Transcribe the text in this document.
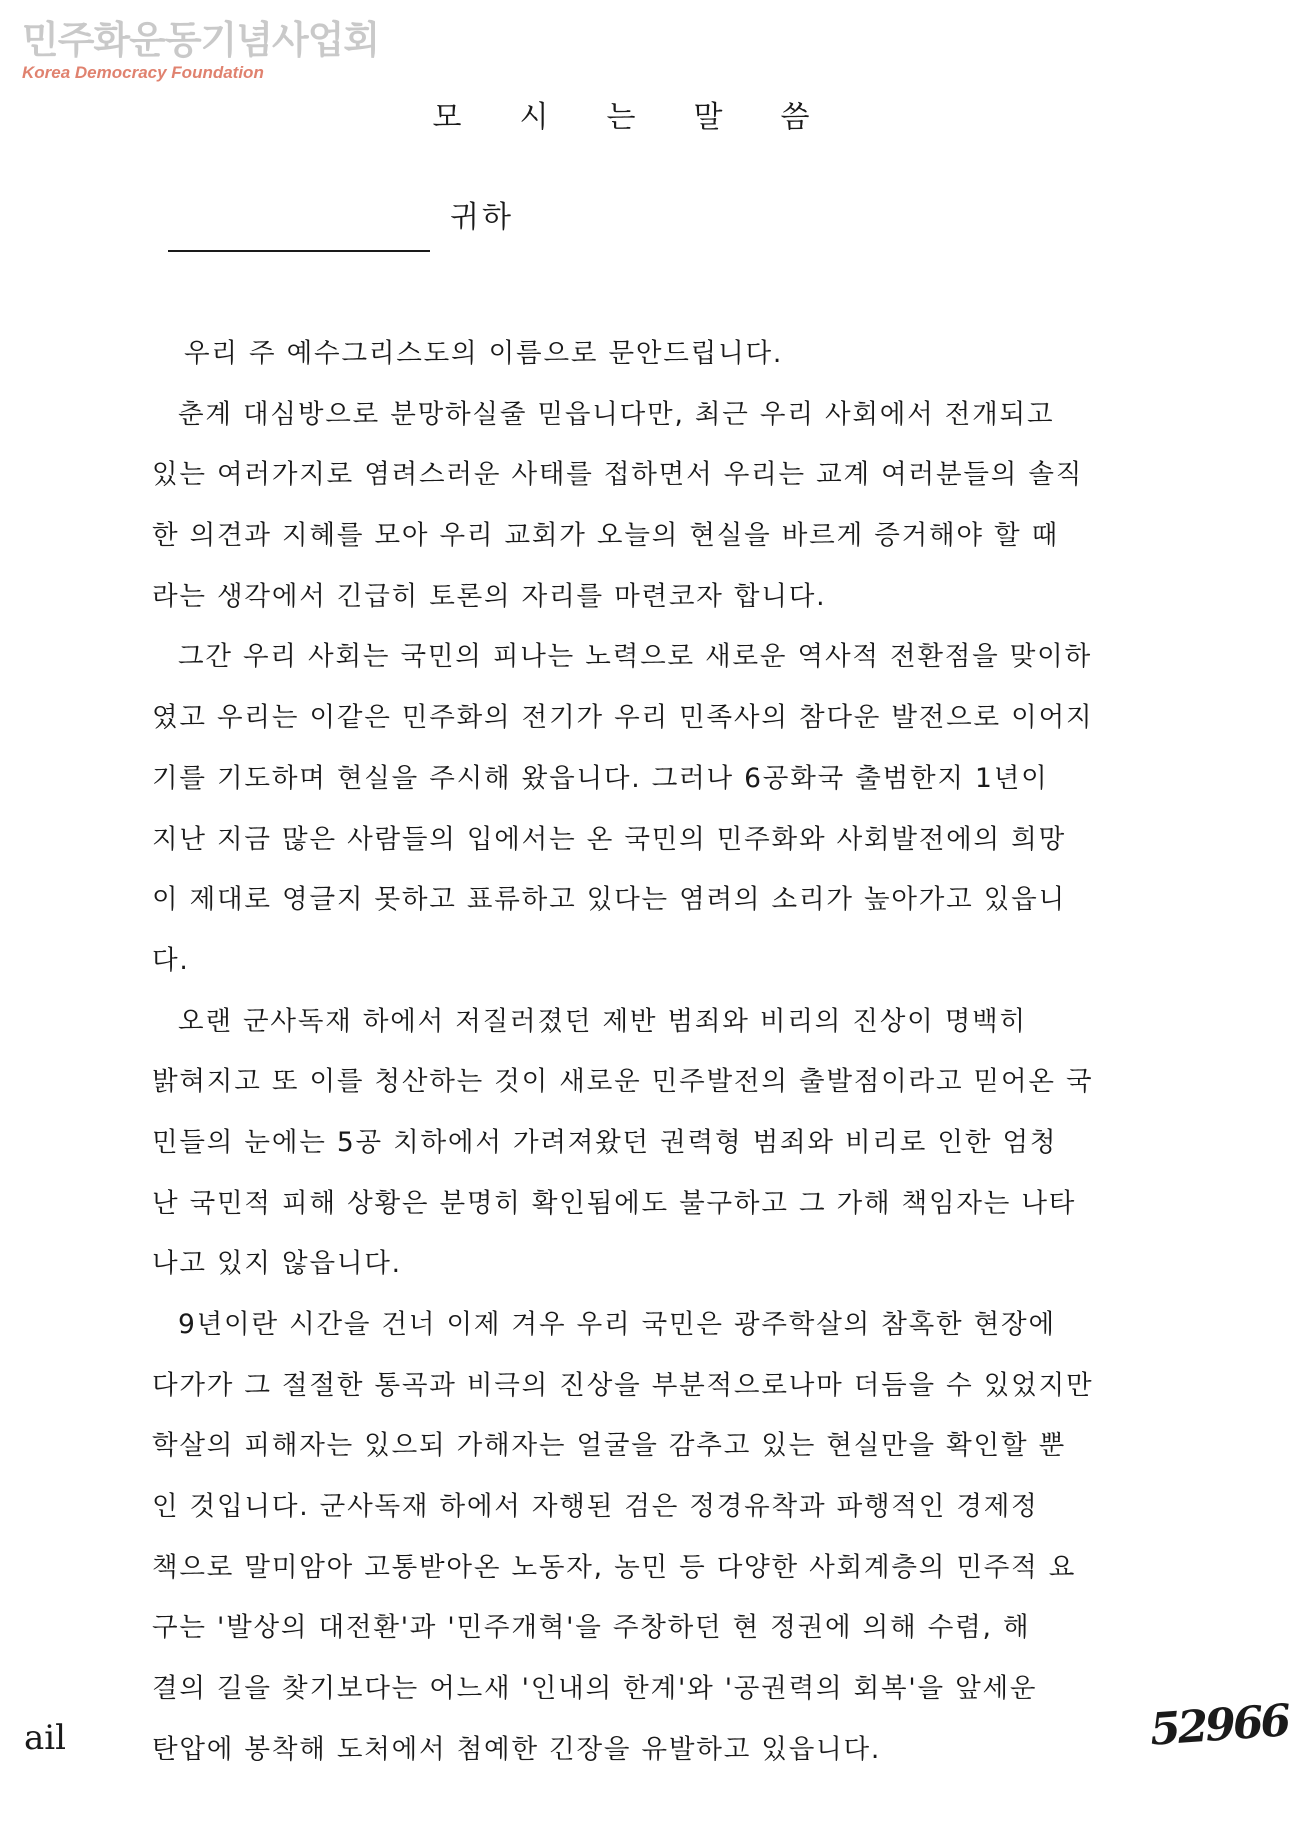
민주화운동기념사업회
Korea Democracy Foundation
모시는말씀
귀하
우리 주 예수그리스도의 이름으로 문안드립니다.
춘계 대심방으로 분망하실줄 믿읍니다만, 최근 우리 사회에서 전개되고
있는 여러가지로 염려스러운 사태를 접하면서 우리는 교계 여러분들의 솔직
한 의견과 지혜를 모아 우리 교회가 오늘의 현실을 바르게 증거해야 할 때
라는 생각에서 긴급히 토론의 자리를 마련코자 합니다.
그간 우리 사회는 국민의 피나는 노력으로 새로운 역사적 전환점을 맞이하
였고 우리는 이같은 민주화의 전기가 우리 민족사의 참다운 발전으로 이어지
기를 기도하며 현실을 주시해 왔읍니다. 그러나 6공화국 출범한지 1년이
지난 지금 많은 사람들의 입에서는 온 국민의 민주화와 사회발전에의 희망
이 제대로 영글지 못하고 표류하고 있다는 염려의 소리가 높아가고 있읍니
다.
오랜 군사독재 하에서 저질러졌던 제반 범죄와 비리의 진상이 명백히
밝혀지고 또 이를 청산하는 것이 새로운 민주발전의 출발점이라고 믿어온 국
민들의 눈에는 5공 치하에서 가려져왔던 권력형 범죄와 비리로 인한 엄청
난 국민적 피해 상황은 분명히 확인됨에도 불구하고 그 가해 책임자는 나타
나고 있지 않읍니다.
9년이란 시간을 건너 이제 겨우 우리 국민은 광주학살의 참혹한 현장에
다가가 그 절절한 통곡과 비극의 진상을 부분적으로나마 더듬을 수 있었지만
학살의 피해자는 있으되 가해자는 얼굴을 감추고 있는 현실만을 확인할 뿐
인 것입니다. 군사독재 하에서 자행된 검은 정경유착과 파행적인 경제정
책으로 말미암아 고통받아온 노동자, 농민 등 다양한 사회계층의 민주적 요
구는 '발상의 대전환'과 '민주개혁'을 주창하던 현 정권에 의해 수렴, 해
결의 길을 찾기보다는 어느새 '인내의 한계'와 '공권력의 회복'을 앞세운
탄압에 봉착해 도처에서 첨예한 긴장을 유발하고 있읍니다.
ail	52966
